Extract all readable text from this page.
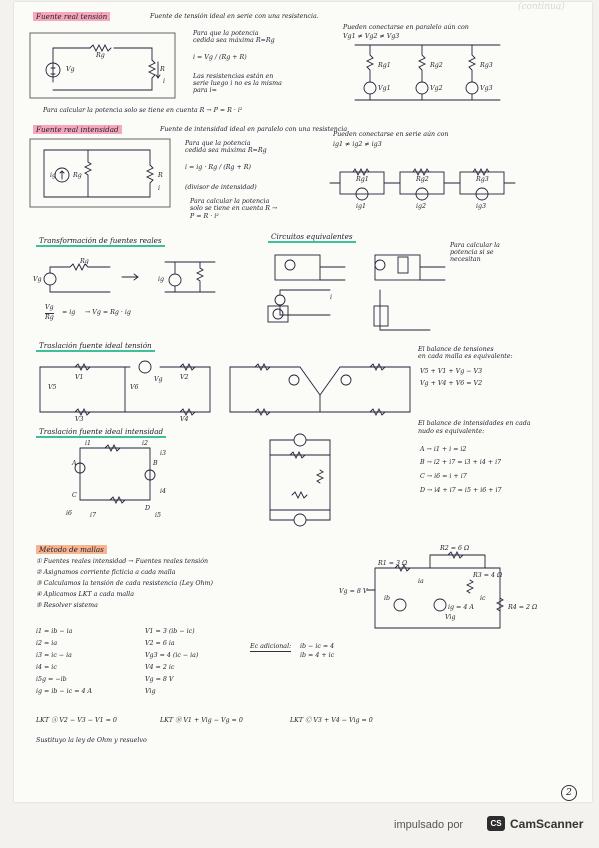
(continua)
Fuente real tensión	Fuente de tensión ideal en serie con una resistencia.
Rg
Vg	R
i
Para que la potencia
cedida sea máxima R=Rg
i = Vg / (Rg + R)
Las resistencias están en
serie luego i no es la misma
para i=
Pueden conectarse en paralelo aún con
Vg1 ≠ Vg2 ≠ Vg3
Rg1	Rg2	Rg3
Vg1	Vg2	Vg3
Para calcular la potencia solo se tiene en cuenta R → P = R · i²
Fuente real intensidad	Fuente de intensidad ideal en paralelo con una resistencia
ig	Rg	R
i
Para que la potencia
cedida sea máxima R=Rg
i = ig · Rg / (Rg + R)
(divisor de intensidad)
Para calcular la potencia
solo se tiene en cuenta R →
P = R · i²
Pueden conectarse en serie aún con
ig1 ≠ ig2 ≠ ig3
Rg1	Rg2	Rg3
ig1	ig2	ig3
Transformación de fuentes reales
Rg
Vg	ig
Vg
Rg
= ig → Vg = Rg · ig
Circuitos equivalentes
Para calcular la
potencia si se
necesitan
i
Traslación fuente ideal tensión
V1	V2
V3	V4
V5	V6
Vg
El balance de tensiones
en cada malla es equivalente:
V5 + V1 + Vg − V3
Vg + V4 + V6 = V2
Traslación fuente ideal intensidad
A	B
C
D
i1	i2
i3
i4
i5
i6	i7
El balance de intensidades en cada
nudo es equivalente:
A → i1 + i = i2
B → i2 + i7 = i3 + i4 + i7
C → i6 = i + i7
D → i4 + i7 = i5 + i6 + i7
Método de mallas
① Fuentes reales intensidad → Fuentes reales tensión
② Asignamos corriente ficticia a cada malla
③ Calculamos la tensión de cada resistencia (Ley Ohm)
④ Aplicamos LKT a cada malla
⑤ Resolver sistema
i1 = ib − ia
i2 = ia
i3 = ic − ia
i4 = ic
i5g = −ib
ig = ib − ic = 4 A
V1 = 3 (ib − ic)
V2 = 6 ia
Vg3 = 4 (ic − ia)
V4 = 2 ic
Vg = 8 V
Vig
Ec adicional: ib − ic = 4
ib = 4 + ic
LKT Ⓐ V2 − V3 − V1 = 0	LKT Ⓑ V1 + Vig − Vg = 0	LKT Ⓒ V3 + V4 − Vig = 0
Sustituyo la ley de Ohm y resuelvo
R2 = 6 Ω
R1 = 3 Ω
R3 = 4 Ω
R4 = 2 Ω
Vg = 8 V
ig = 4 A
Vig
ia
ib	ic
2
impulsado por	CS CamScanner
